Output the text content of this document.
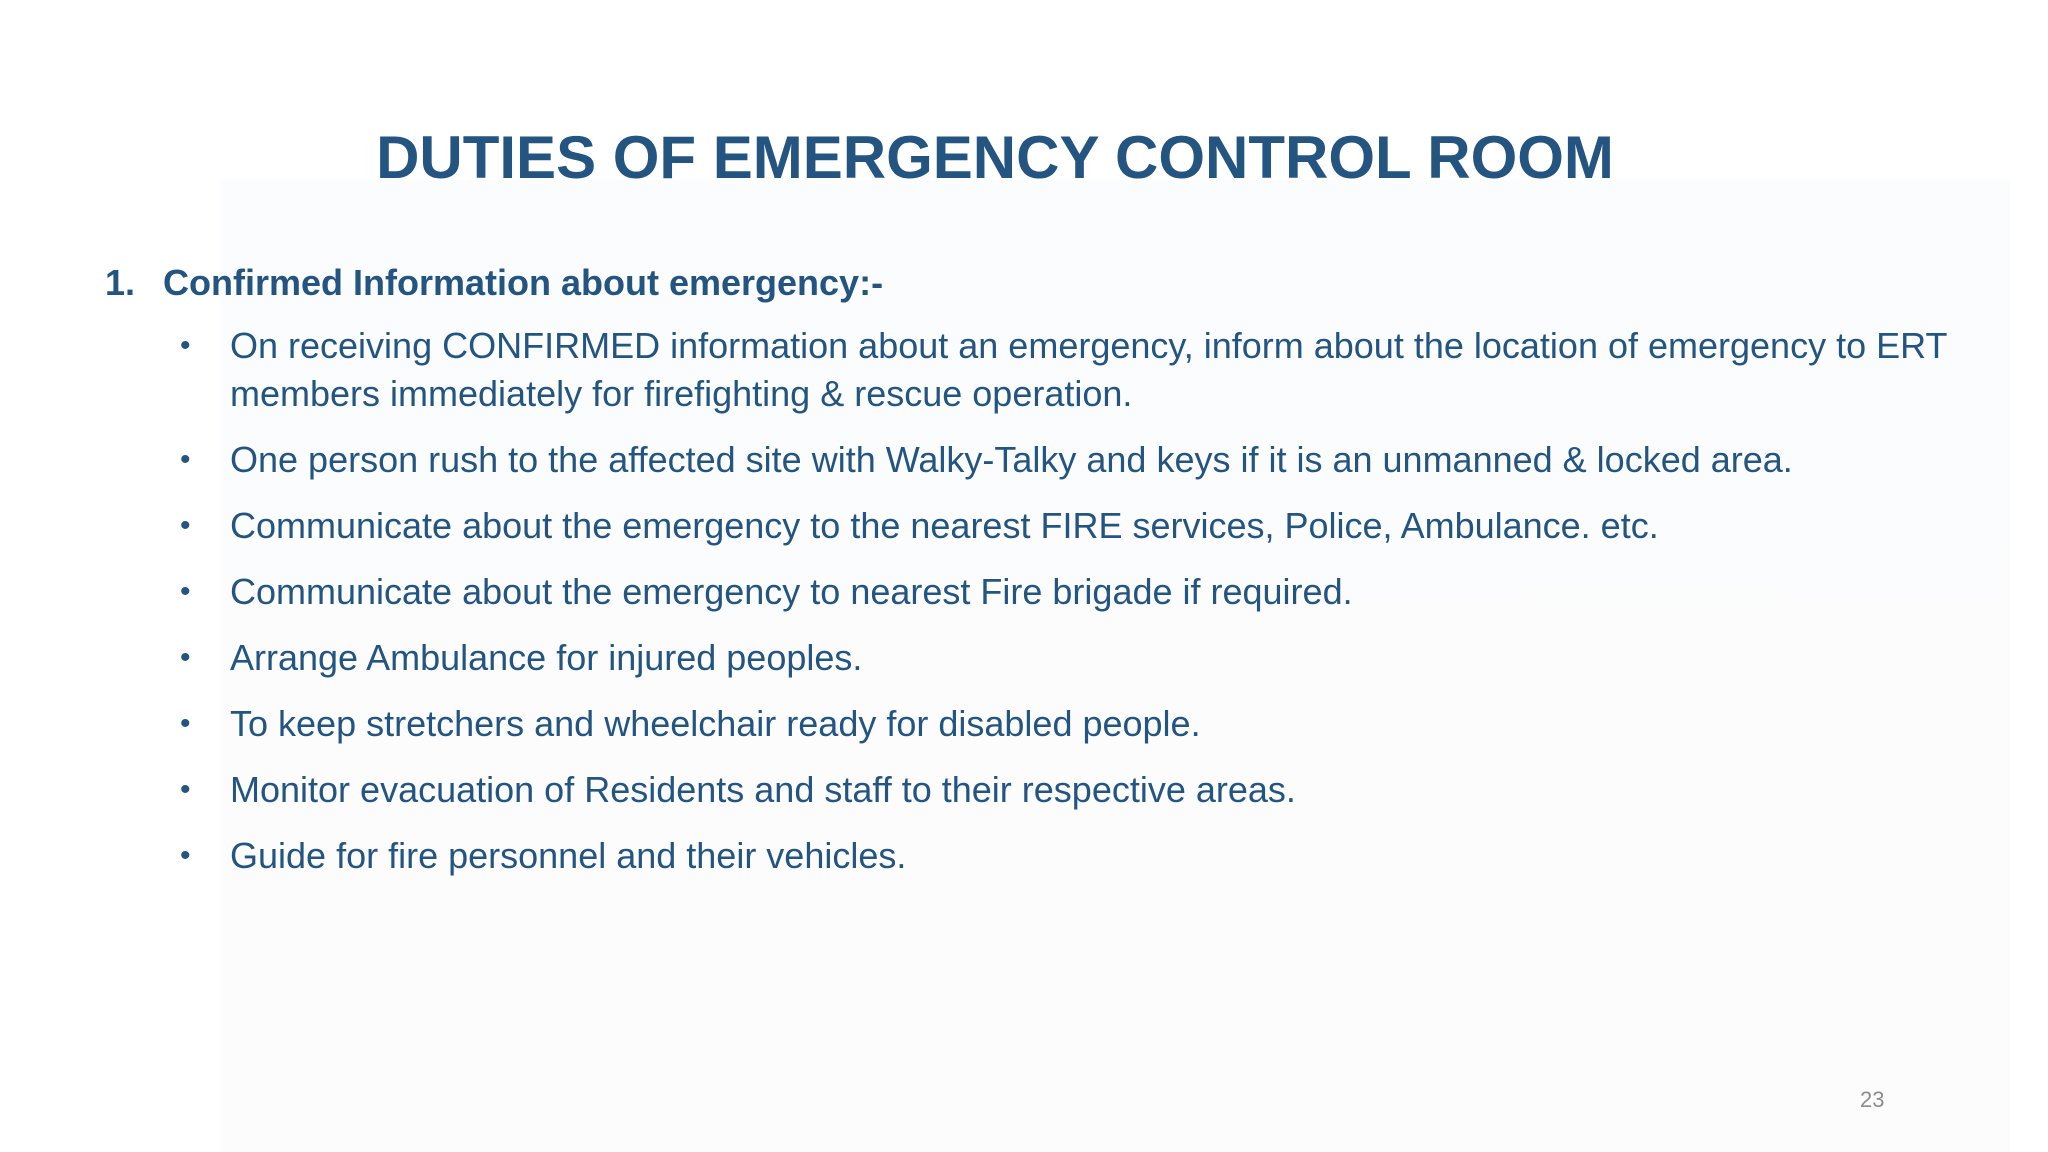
DUTIES OF EMERGENCY CONTROL ROOM
1. Confirmed Information about emergency:-
•	On receiving CONFIRMED information about an emergency, inform about the location of emergency to ERT members immediately for firefighting & rescue operation.
•	One person rush to the affected site with Walky-Talky and keys if it is an unmanned & locked area.
•	Communicate about the emergency to the nearest FIRE services, Police, Ambulance. etc.
•	Communicate about the emergency to nearest Fire brigade if required.
•	Arrange Ambulance for injured peoples.
•	To keep stretchers and wheelchair ready for disabled people.
•	Monitor evacuation of Residents and staff to their respective areas.
•	Guide for fire personnel and their vehicles.
23
